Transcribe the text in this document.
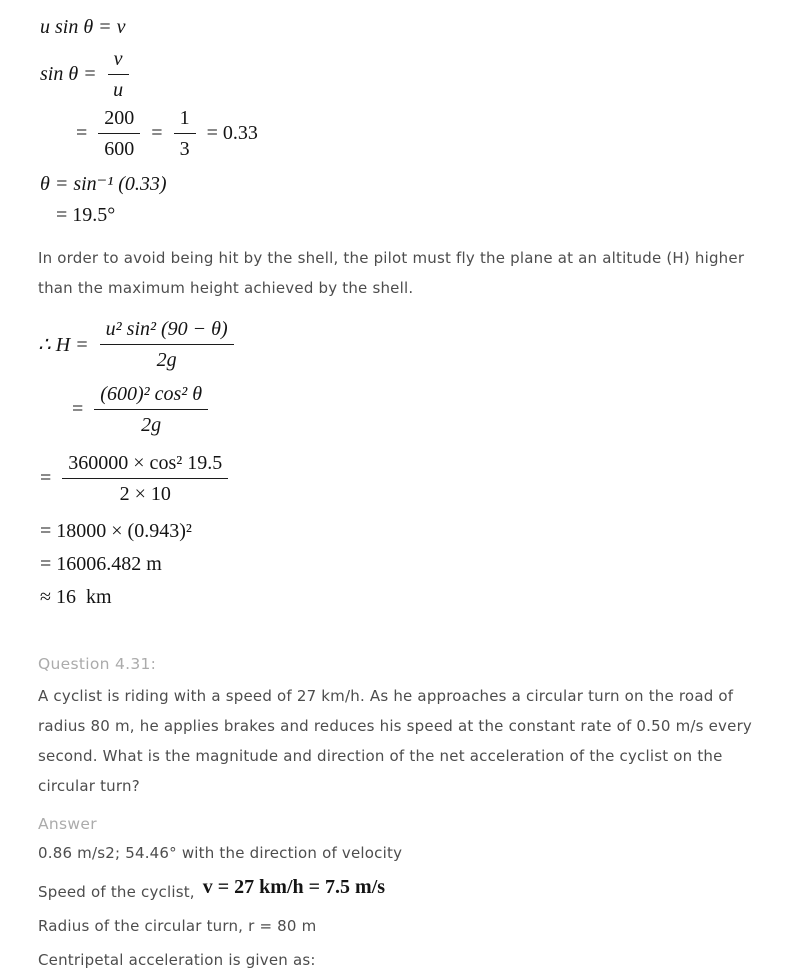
u sin θ = v
$\sin \theta = \frac{v}{u}$
= $\frac{200}{600} = \frac{1}{3} = 0.33$
θ = sin⁻¹ (0.33)
= 19.5°

In order to avoid being hit by the shell, the pilot must fly the plane at an altitude (H) higher than the maximum height achieved by the shell.

∴ $H = \frac{\text{u² sin² (90 − θ)}}{2g}$
= $\frac{\text{(600)² cos² θ}}{2g}$
= $\frac{\text{360000 × cos² 19.5}}{2 \times 10}$
= 18000 × (0.943)²
= 16006.482 m
≈ 16  km
Question 4.31:

A cyclist is riding with a speed of 27 km/h. As he approaches a circular turn on the road of radius 80 m, he applies brakes and reduces his speed at the constant rate of 0.50 m/s every second. What is the magnitude and direction of the net acceleration of the cyclist on the circular turn?

Answer

0.86 m/s2; 54.46° with the direction of velocity

Speed of the cyclist, v = 27 km/h = 7.5 m/s

Radius of the circular turn, r = 80 m

Centripetal acceleration is given as:
